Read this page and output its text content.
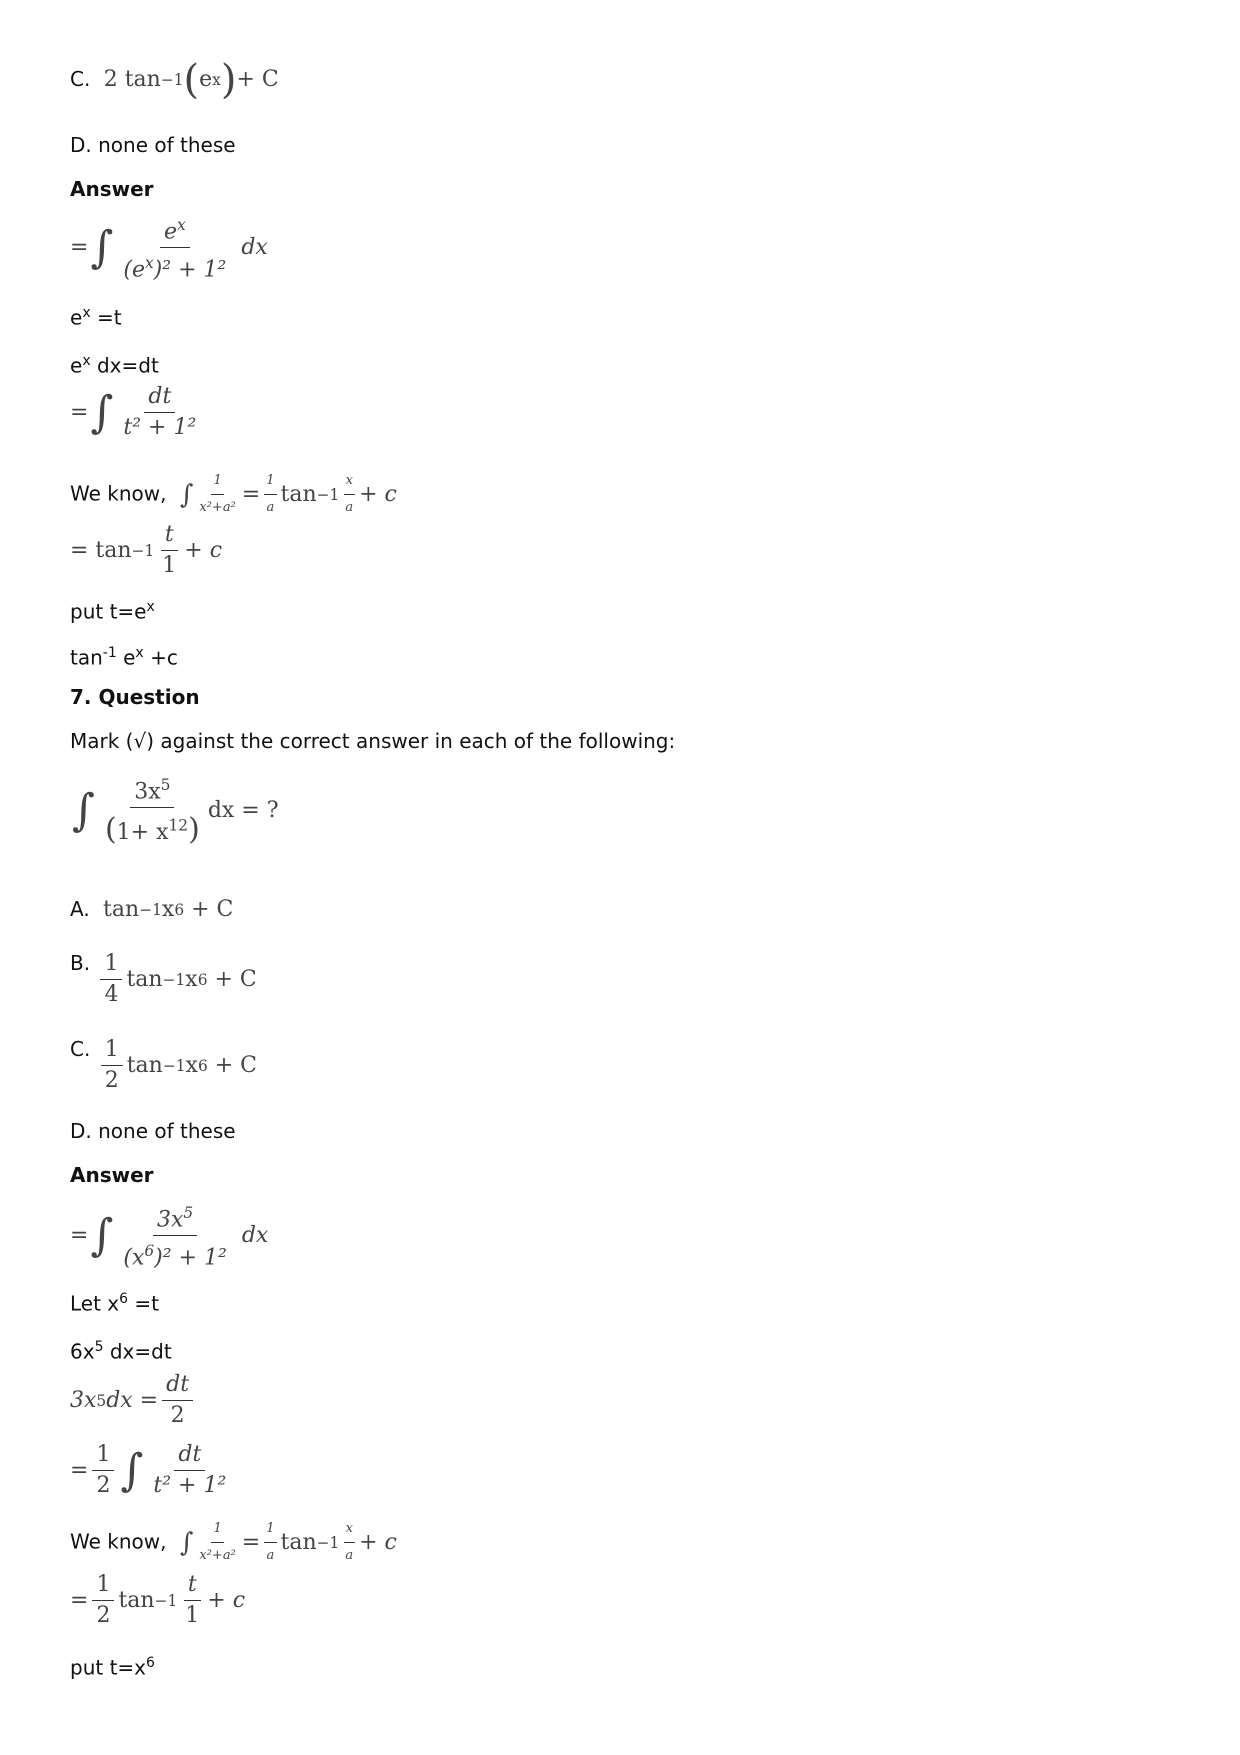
C. 2
tan −1 ( e x ) + C
D. none of these
Answer
= ∫ $\frac{e^x}{(e^x)^2 + 1^2}$
dx
$e^x =t$
$e^x$ dx=dt
= ∫ $\frac{dt}{\text{t² + 1²}}$
We know, ∫ $\frac{1}{\text{x²+a²}} = \frac{1}{a}$ $\tan -1 \frac{x}{a} + c$
= $\tan -1 \frac{t}{1} + c$
put $t=e^x$
$\tan^{-1} e^x +c$
7. Question
Mark (√) against the correct answer in each of the following:
∫ $\frac{3x^5}{(1+ x^{12})}$ dx = ?
A. tan −1 x 6
+ C
B. $\frac{1}{4}$ tan −1 x 6
+ C
C. $\frac{1}{2}$ tan −1 x 6
+ C
D. none of these
Answer
= ∫ $\frac{3x^5}{(x^6)^2 + 1^2}$
dx
Let $x^6 =t$
$6x^5$ dx=dt
3x 5 dx = $\frac{dt}{2}$
= $\frac{1}{2}$ ∫ $\frac{dt}{\text{t² + 1²}}$
We know, ∫ $\frac{1}{\text{x²+a²}} = \frac{1}{a}$ $\tan -1 \frac{x}{a} + c$
= $\frac{1}{2}$ $\tan -1 \frac{t}{1} + c$
put $t=x^6$
